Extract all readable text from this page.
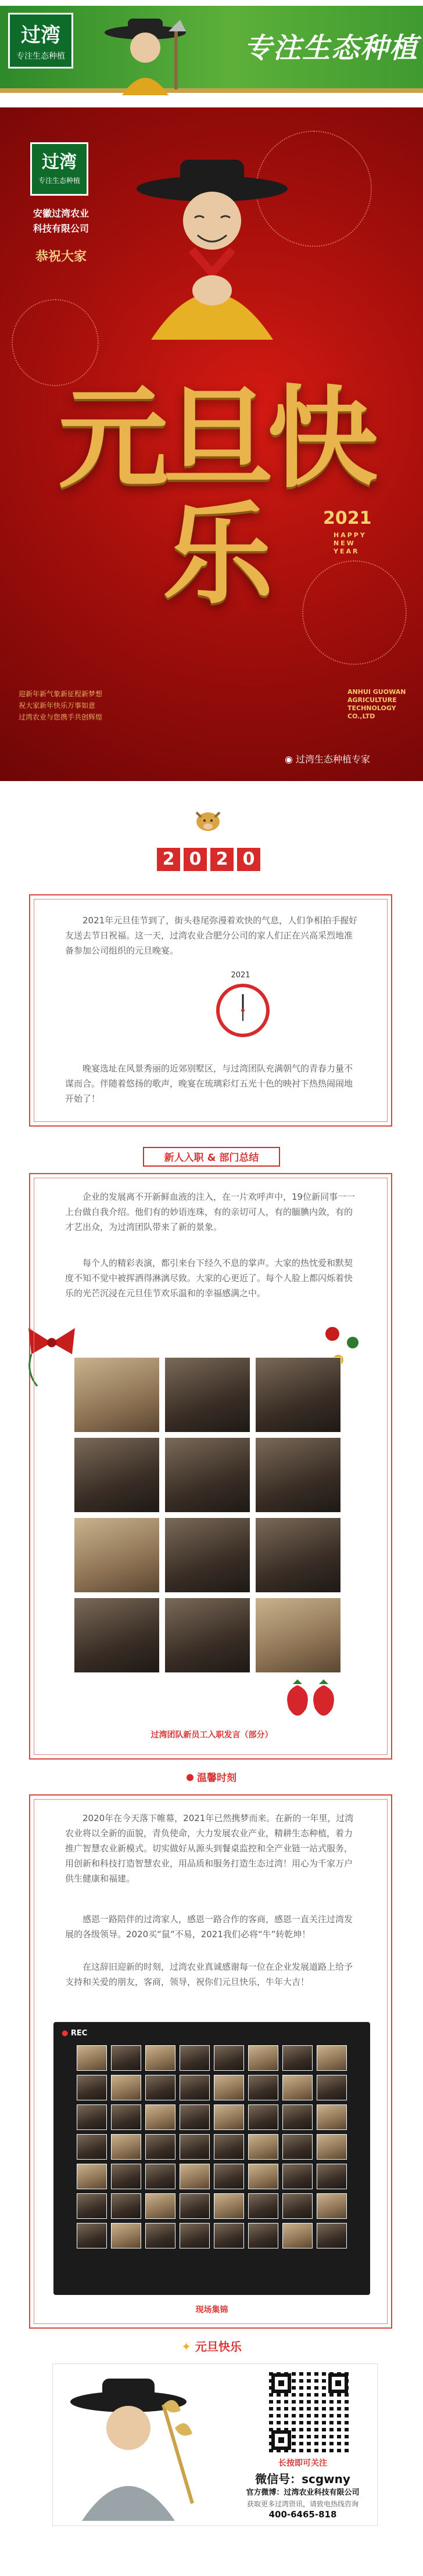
过湾
专注生态种植	专注生态种植
过湾
专注生态种植
安徽过湾农业
科技有限公司
恭祝大家
元旦快乐	2021
HAPPY
NEW
YEAR
迎新年新气象新征程新梦想
祝大家新年快乐万事如意
过湾农业与您携手共创辉煌
ANHUI GUOWAN
AGRICULTURE
TECHNOLOGY CO.,LTD
◉ 过湾生态种植专家
2 0 2 0

2021年元旦佳节到了，街头巷尾弥漫着欢快的气息，人们争相拍手握好友送去节日祝福。这一天，过湾农业合肥分公司的家人们正在兴高采烈地准备参加公司组织的元旦晚宴。

2021

晚宴选址在风景秀丽的近郊别墅区，与过湾团队充满朝气的青春力量不谋而合。伴随着悠扬的歌声，晚宴在琉璃彩灯五光十色的映衬下热热闹闹地开始了！

新人入职 & 部门总结

企业的发展离不开新鲜血液的注入，在一片欢呼声中，19位新同事一一上台做自我介绍。他们有的妙语连珠，有的亲切可人，有的腼腆内敛，有的才艺出众，为过湾团队带来了新的景象。

每个人的精彩表演，都引来台下经久不息的掌声。大家的热忱爱和默契度不知不觉中被挥洒得淋漓尽致。大家的心更近了。每个人脸上都闪烁着快乐的光芒沉浸在元旦佳节欢乐温和的幸福感满之中。

过湾团队新员工入职发言（部分）
温馨时刻

2020年在今天落下帷幕，2021年已然携梦而来。在新的一年里，过湾农业将以全新的面貌，青负使命，大力发展农业产业，精耕生态种植，着力推广智慧农业新模式。切实做好从源头到餐桌监控和全产业链一站式服务，用创新和科技打造智慧农业，用品质和服务打造生态过湾！用心为千家万户供生健康和福建。

感恩一路陪伴的过湾家人，感恩一路合作的客商，感恩一直关注过湾发展的各级领导。2020买“鼠”不易，2021我们必将“牛”转乾坤！

在这辞旧迎新的时刻，过湾农业真诚感谢每一位在企业发展道路上给予支持和关爱的朋友，客商，领导，祝你们元旦快乐，牛年大吉！

● REC
现场集锦
✦ 元旦快乐
长按即可关注
微信号：scgwny
官方微博：过湾农业科技有限公司
获取更多过湾资讯，请致电热线咨询
400-6465-818
